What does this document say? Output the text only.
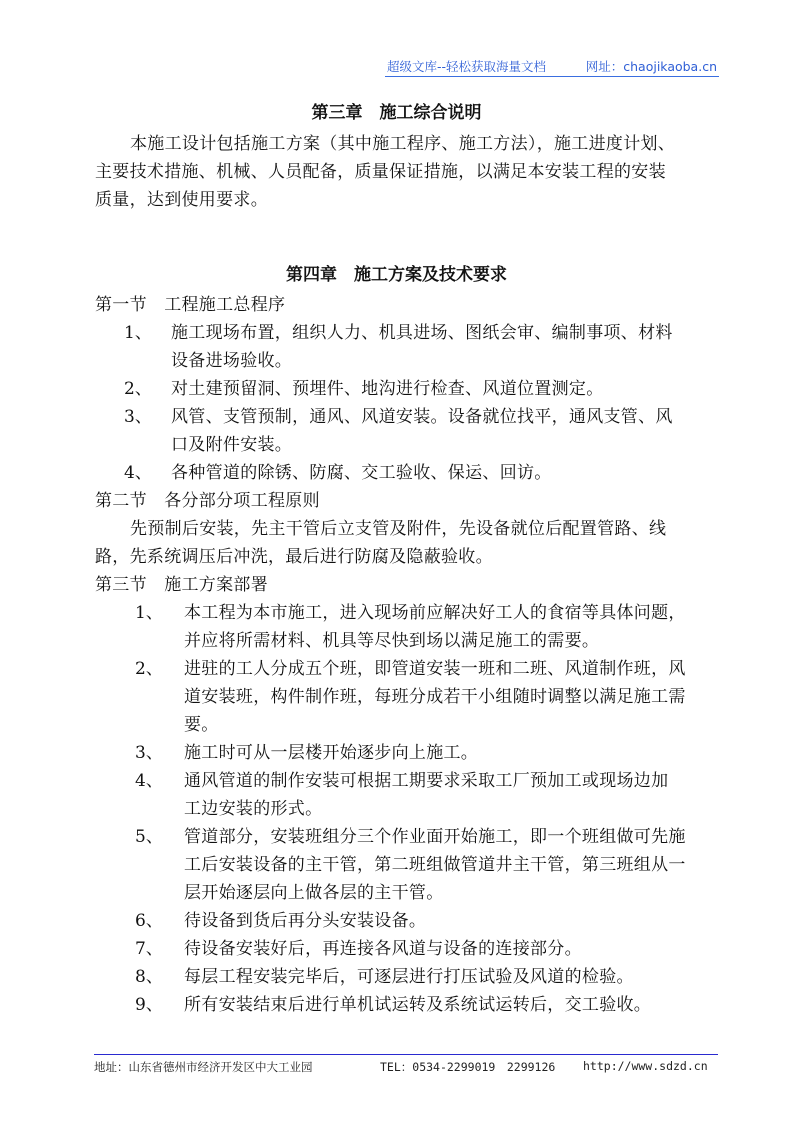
超级文库--轻松获取海量文档	网址：chaojikaoba.cn
第三章　施工综合说明
本施工设计包括施工方案（其中施工程序、施工方法），施工进度计划、
主要技术措施、机械、人员配备，质量保证措施，以满足本安装工程的安装
质量，达到使用要求。
第四章　施工方案及技术要求
第一节　工程施工总程序
1、 施工现场布置，组织人力、机具进场、图纸会审、编制事项、材料
设备进场验收。
2、 对土建预留洞、预埋件、地沟进行检查、风道位置测定。
3、 风管、支管预制，通风、风道安装。设备就位找平，通风支管、风
口及附件安装。
4、 各种管道的除锈、防腐、交工验收、保运、回访。
第二节　各分部分项工程原则
先预制后安装，先主干管后立支管及附件，先设备就位后配置管路、线
路，先系统调压后冲洗，最后进行防腐及隐蔽验收。
第三节　施工方案部署
1、 本工程为本市施工，进入现场前应解决好工人的食宿等具体问题，
并应将所需材料、机具等尽快到场以满足施工的需要。
2、 进驻的工人分成五个班，即管道安装一班和二班、风道制作班，风
道安装班，构件制作班，每班分成若干小组随时调整以满足施工需
要。
3、 施工时可从一层楼开始逐步向上施工。
4、 通风管道的制作安装可根据工期要求采取工厂预加工或现场边加
工边安装的形式。
5、 管道部分，安装班组分三个作业面开始施工，即一个班组做可先施
工后安装设备的主干管，第二班组做管道井主干管，第三班组从一
层开始逐层向上做各层的主干管。
6、 待设备到货后再分头安装设备。
7、 待设备安装好后，再连接各风道与设备的连接部分。
8、 每层工程安装完毕后，可逐层进行打压试验及风道的检验。
9、 所有安装结束后进行单机试运转及系统试运转后，交工验收。
地址：山东省德州市经济开发区中大工业园	TEL：0534-2299019　2299126 http://www.sdzd.cn
